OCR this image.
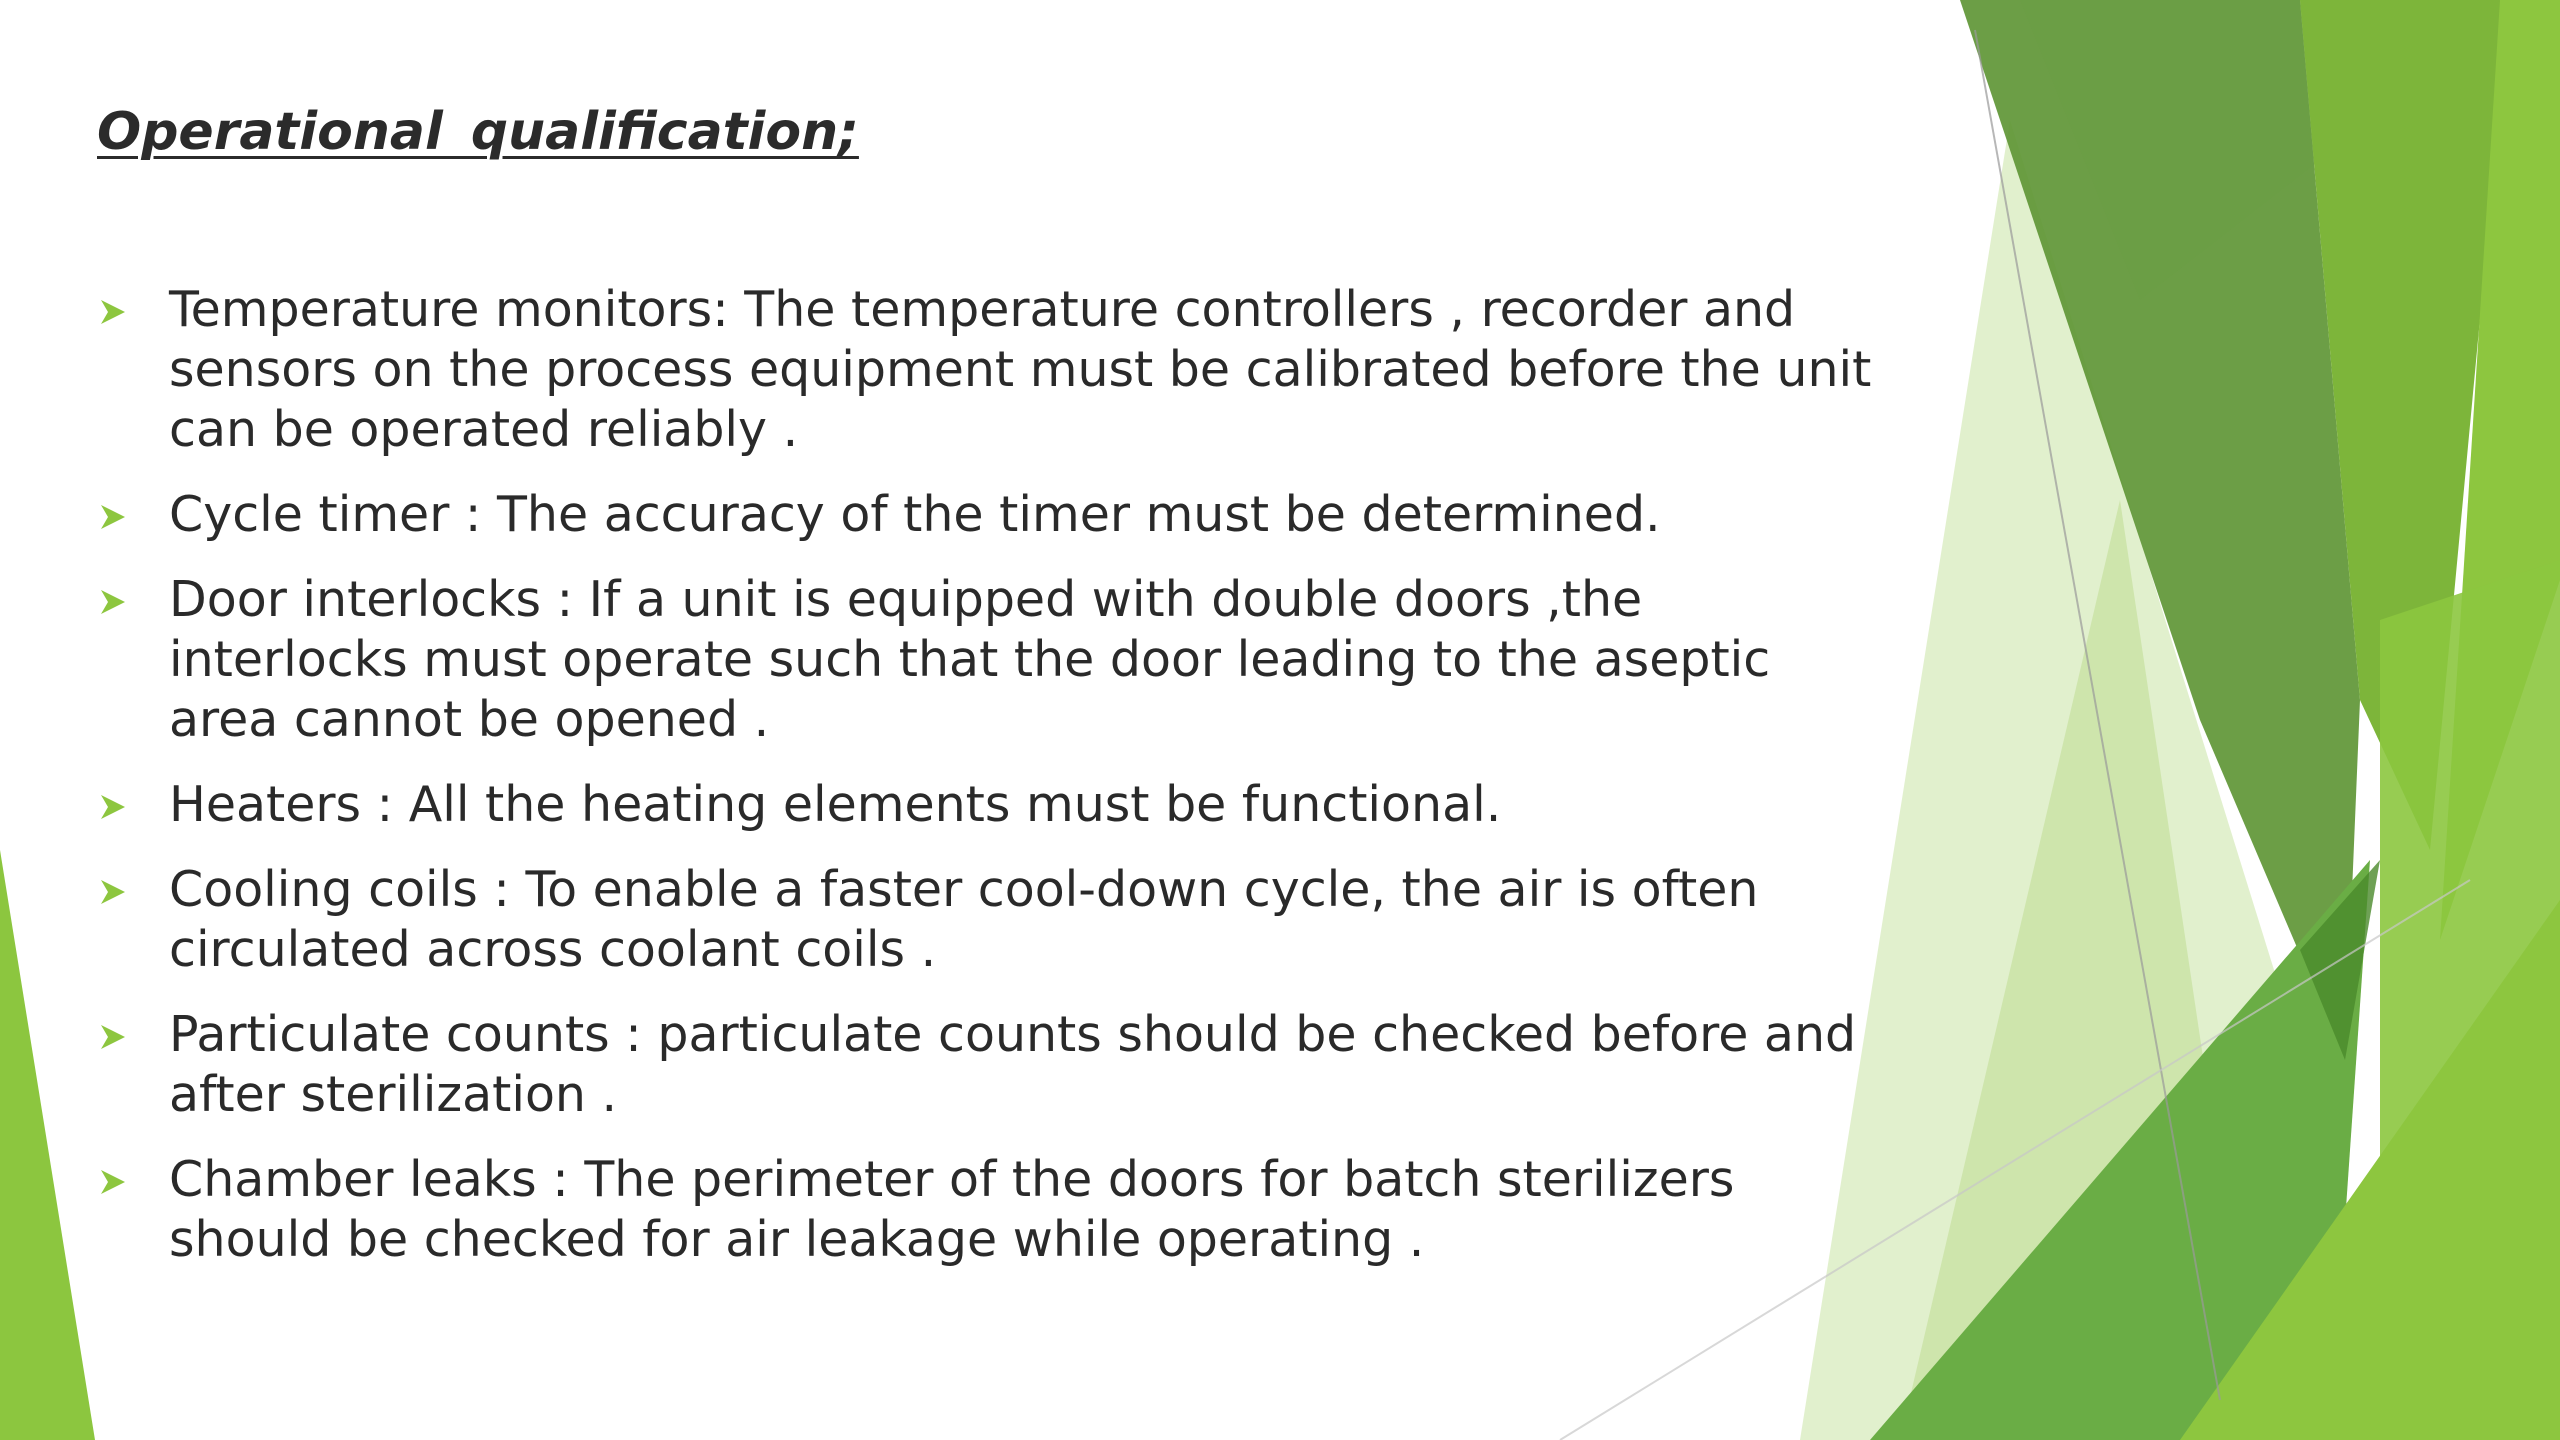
Operational qualification;
Temperature monitors: The temperature controllers , recorder and sensors on the process equipment must be calibrated before the unit can be operated reliably .
Cycle timer : The accuracy of the timer must be determined.
Door interlocks : If a unit is equipped with double doors ,the interlocks must operate such that the door leading to the aseptic area cannot be opened .
Heaters : All the heating elements must be functional.
Cooling coils : To enable a faster cool-down cycle, the air is often circulated across coolant coils .
Particulate counts : particulate counts should be checked before and after sterilization .
Chamber leaks : The perimeter of the doors for batch sterilizers should be checked for air leakage while operating .
